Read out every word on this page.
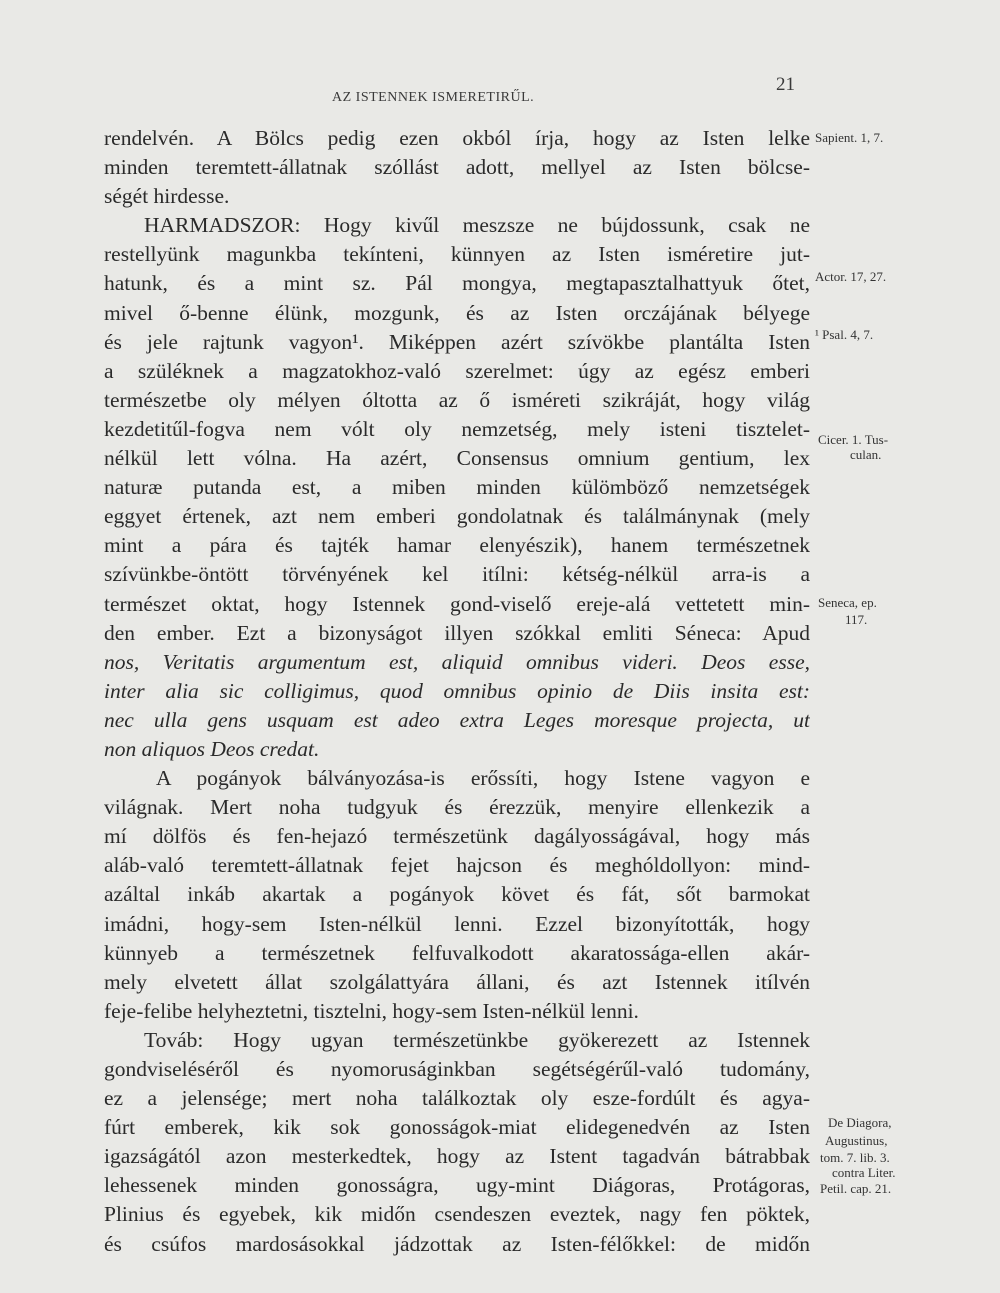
AZ ISTENNEK ISMERETIRŰL.
21
rendelvén. A Bölcs pedig ezen okból írja, hogy az Isten lelke
minden teremtett-állatnak szóllást adott, mellyel az Isten bölcse-
ségét hirdesse.
HARMADSZOR: Hogy kivűl meszsze ne bújdossunk, csak ne
restellyünk magunkba tekínteni, künnyen az Isten isméretire jut-
hatunk, és a mint sz. Pál mongya, megtapasztalhattyuk őtet,
mivel ő-benne élünk, mozgunk, és az Isten orczájának bélyege
és jele rajtunk vagyon¹. Miképpen azért szívökbe plantálta Isten
a szüléknek a magzatokhoz-való szerelmet: úgy az egész emberi
természetbe oly mélyen óltotta az ő isméreti szikráját, hogy világ
kezdetitűl-fogva nem vólt oly nemzetség, mely isteni tisztelet-
nélkül lett vólna. Ha azért, Consensus omnium gentium, lex
naturæ putanda est, a miben minden külömböző nemzetségek
eggyet értenek, azt nem emberi gondolatnak és találmánynak (mely
mint a pára és tajték hamar elenyészik), hanem természetnek
szívünkbe-öntött törvényének kel itílni: kétség-nélkül arra-is a
természet oktat, hogy Istennek gond-viselő ereje-alá vettetett min-
den ember. Ezt a bizonyságot illyen szókkal emliti Séneca: Apud
nos, Veritatis argumentum est, aliquid omnibus videri. Deos esse,
inter alia sic colligimus, quod omnibus opinio de Diis insita est:
nec ulla gens usquam est adeo extra Leges moresque projecta, ut
non aliquos Deos credat.
A pogányok bálványozása-is erőssíti, hogy Istene vagyon e
világnak. Mert noha tudgyuk és érezzük, menyire ellenkezik a
mí dölfös és fen-hejazó természetünk dagályosságával, hogy más
aláb-való teremtett-állatnak fejet hajcson és meghóldollyon: mind-
azáltal inkáb akartak a pogányok követ és fát, sőt barmokat
imádni, hogy-sem Isten-nélkül lenni. Ezzel bizonyították, hogy
künnyeb a természetnek felfuvalkodott akaratossága-ellen akár-
mely elvetett állat szolgálattyára állani, és azt Istennek itílvén
feje-felibe helyheztetni, tisztelni, hogy-sem Isten-nélkül lenni.
Továb: Hogy ugyan természetünkbe gyökerezett az Istennek
gondviseléséről és nyomoruságinkban segétségérűl-való tudomány,
ez a jelensége; mert noha találkoztak oly esze-fordúlt és agya-
fúrt emberek, kik sok gonosságok-miat elidegenedvén az Isten
igazságától azon mesterkedtek, hogy az Istent tagadván bátrabbak
lehessenek minden gonosságra, ugy-mint Diágoras, Protágoras,
Plinius és egyebek, kik midőn csendeszen eveztek, nagy fen pöktek,
és csúfos mardosásokkal jádzottak az Isten-félőkkel: de midőn
Sapient. 1, 7.
Actor. 17, 27.
¹ Psal. 4, 7.
Cicer. 1. Tus-
culan.
Seneca, ep.
117.
De Diagora,
Augustinus,
tom. 7. lib. 3.
contra Liter.
Petil. cap. 21.
